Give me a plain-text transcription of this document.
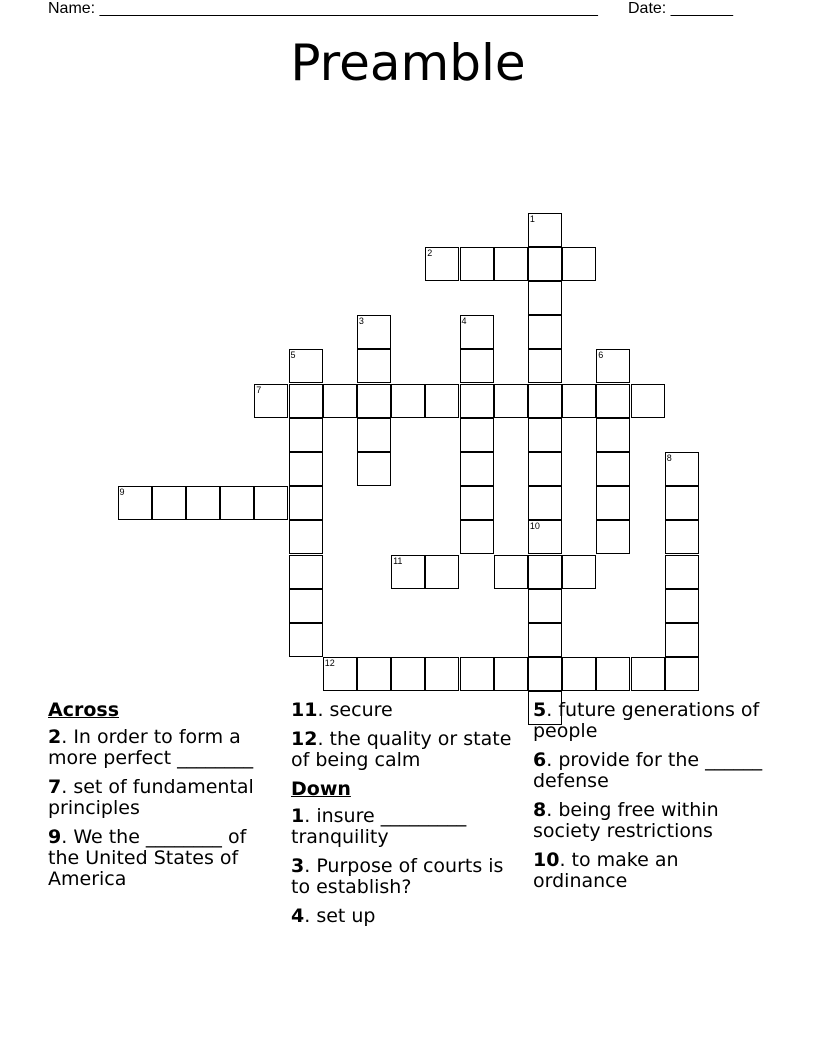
Name: ________________________________________________________ Date: _______
Preamble
1
2
3	4
5	6
7
8
9
10
11
12
Across
2. In order to form a more perfect ________
7. set of fundamental principles
9. We the ________ of the United States of America
11. secure
12. the quality or state of being calm
Down
1. insure _________ tranquility
3. Purpose of courts is to establish?
4. set up
5. future generations of people
6. provide for the ______ defense
8. being free within society restrictions
10. to make an ordinance
